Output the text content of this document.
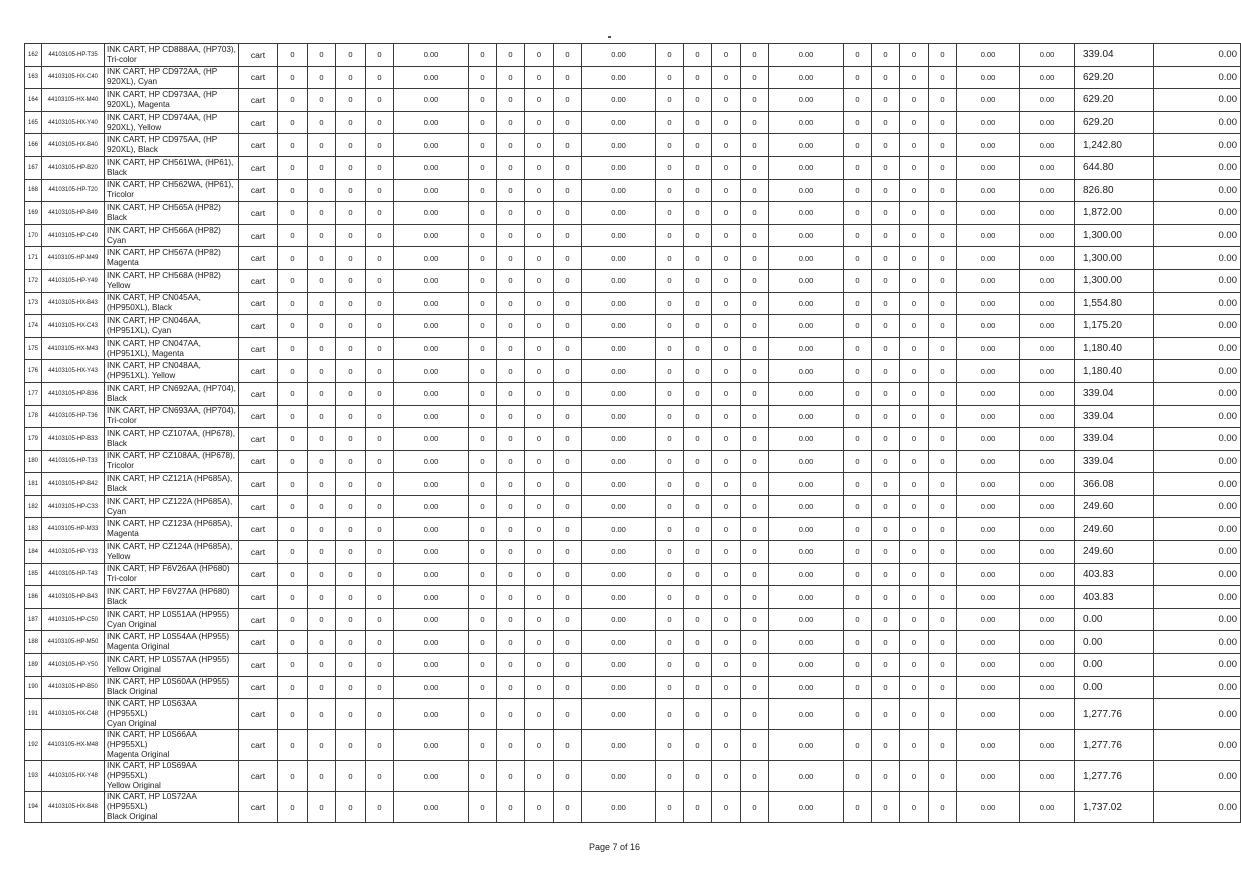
162	44103105-HP-T35	INK CART, HP CD888AA, (HP703),
Tri-color	cart	0	0	0	0	0.00	0	0	0	0	0.00	0	0	0	0	0.00	0	0	0	0	0.00	0.00	339.04	0.00
163	44103105-HX-C40	INK CART, HP CD972AA, (HP
920XL), Cyan	cart	0	0	0	0	0.00	0	0	0	0	0.00	0	0	0	0	0.00	0	0	0	0	0.00	0.00	629.20	0.00
164	44103105-HX-M40	INK CART, HP CD973AA, (HP
920XL), Magenta	cart	0	0	0	0	0.00	0	0	0	0	0.00	0	0	0	0	0.00	0	0	0	0	0.00	0.00	629.20	0.00
165	44103105-HX-Y40	INK CART, HP CD974AA, (HP
920XL), Yellow	cart	0	0	0	0	0.00	0	0	0	0	0.00	0	0	0	0	0.00	0	0	0	0	0.00	0.00	629.20	0.00
166	44103105-HX-B40	INK CART, HP CD975AA, (HP
920XL), Black	cart	0	0	0	0	0.00	0	0	0	0	0.00	0	0	0	0	0.00	0	0	0	0	0.00	0.00	1,242.80	0.00
167	44103105-HP-B20	INK CART, HP CH561WA, (HP61),
Black	cart	0	0	0	0	0.00	0	0	0	0	0.00	0	0	0	0	0.00	0	0	0	0	0.00	0.00	644.80	0.00
168	44103105-HP-T20	INK CART, HP CH562WA, (HP61),
Tricolor	cart	0	0	0	0	0.00	0	0	0	0	0.00	0	0	0	0	0.00	0	0	0	0	0.00	0.00	826.80	0.00
169	44103105-HP-B49	INK CART, HP CH565A (HP82)
Black	cart	0	0	0	0	0.00	0	0	0	0	0.00	0	0	0	0	0.00	0	0	0	0	0.00	0.00	1,872.00	0.00
170	44103105-HP-C49	INK CART, HP CH566A (HP82)
Cyan	cart	0	0	0	0	0.00	0	0	0	0	0.00	0	0	0	0	0.00	0	0	0	0	0.00	0.00	1,300.00	0.00
171	44103105-HP-M49	INK CART, HP CH567A (HP82)
Magenta	cart	0	0	0	0	0.00	0	0	0	0	0.00	0	0	0	0	0.00	0	0	0	0	0.00	0.00	1,300.00	0.00
172	44103105-HP-Y49	INK CART, HP CH568A (HP82)
Yellow	cart	0	0	0	0	0.00	0	0	0	0	0.00	0	0	0	0	0.00	0	0	0	0	0.00	0.00	1,300.00	0.00
173	44103105-HX-B43	INK CART, HP CN045AA,
(HP950XL), Black	cart	0	0	0	0	0.00	0	0	0	0	0.00	0	0	0	0	0.00	0	0	0	0	0.00	0.00	1,554.80	0.00
174	44103105-HX-C43	INK CART, HP CN046AA,
(HP951XL), Cyan	cart	0	0	0	0	0.00	0	0	0	0	0.00	0	0	0	0	0.00	0	0	0	0	0.00	0.00	1,175.20	0.00
175	44103105-HX-M43	INK CART, HP CN047AA,
(HP951XL), Magenta	cart	0	0	0	0	0.00	0	0	0	0	0.00	0	0	0	0	0.00	0	0	0	0	0.00	0.00	1,180.40	0.00
176	44103105-HX-Y43	INK CART, HP CN048AA,
(HP951XL). Yellow	cart	0	0	0	0	0.00	0	0	0	0	0.00	0	0	0	0	0.00	0	0	0	0	0.00	0.00	1,180.40	0.00
177	44103105-HP-B36	INK CART, HP CN692AA, (HP704),
Black	cart	0	0	0	0	0.00	0	0	0	0	0.00	0	0	0	0	0.00	0	0	0	0	0.00	0.00	339.04	0.00
178	44103105-HP-T36	INK CART, HP CN693AA, (HP704),
Tri-color	cart	0	0	0	0	0.00	0	0	0	0	0.00	0	0	0	0	0.00	0	0	0	0	0.00	0.00	339.04	0.00
179	44103105-HP-B33	INK CART, HP CZ107AA, (HP678),
Black	cart	0	0	0	0	0.00	0	0	0	0	0.00	0	0	0	0	0.00	0	0	0	0	0.00	0.00	339.04	0.00
180	44103105-HP-T33	INK CART, HP CZ108AA, (HP678),
Tricolor	cart	0	0	0	0	0.00	0	0	0	0	0.00	0	0	0	0	0.00	0	0	0	0	0.00	0.00	339.04	0.00
181	44103105-HP-B42	INK CART, HP CZ121A (HP685A),
Black	cart	0	0	0	0	0.00	0	0	0	0	0.00	0	0	0	0	0.00	0	0	0	0	0.00	0.00	366.08	0.00
182	44103105-HP-C33	INK CART, HP CZ122A (HP685A),
Cyan	cart	0	0	0	0	0.00	0	0	0	0	0.00	0	0	0	0	0.00	0	0	0	0	0.00	0.00	249.60	0.00
183	44103105-HP-M33	INK CART, HP CZ123A (HP685A),
Magenta	cart	0	0	0	0	0.00	0	0	0	0	0.00	0	0	0	0	0.00	0	0	0	0	0.00	0.00	249.60	0.00
184	44103105-HP-Y33	INK CART, HP CZ124A (HP685A),
Yellow	cart	0	0	0	0	0.00	0	0	0	0	0.00	0	0	0	0	0.00	0	0	0	0	0.00	0.00	249.60	0.00
185	44103105-HP-T43	INK CART, HP F6V26AA (HP680)
Tri-color	cart	0	0	0	0	0.00	0	0	0	0	0.00	0	0	0	0	0.00	0	0	0	0	0.00	0.00	403.83	0.00
186	44103105-HP-B43	INK CART, HP F6V27AA (HP680)
Black	cart	0	0	0	0	0.00	0	0	0	0	0.00	0	0	0	0	0.00	0	0	0	0	0.00	0.00	403.83	0.00
187	44103105-HP-C50	INK CART, HP L0S51AA (HP955)
Cyan Original	cart	0	0	0	0	0.00	0	0	0	0	0.00	0	0	0	0	0.00	0	0	0	0	0.00	0.00	0.00	0.00
188	44103105-HP-M50	INK CART, HP L0S54AA (HP955)
Magenta Original	cart	0	0	0	0	0.00	0	0	0	0	0.00	0	0	0	0	0.00	0	0	0	0	0.00	0.00	0.00	0.00
189	44103105-HP-Y50	INK CART, HP L0S57AA (HP955)
Yellow Original	cart	0	0	0	0	0.00	0	0	0	0	0.00	0	0	0	0	0.00	0	0	0	0	0.00	0.00	0.00	0.00
190	44103105-HP-B50	INK CART, HP L0S60AA (HP955)
Black Original	cart	0	0	0	0	0.00	0	0	0	0	0.00	0	0	0	0	0.00	0	0	0	0	0.00	0.00	0.00	0.00
191	44103105-HX-C48	INK CART, HP L0S63AA (HP955XL)
Cyan Original	cart	0	0	0	0	0.00	0	0	0	0	0.00	0	0	0	0	0.00	0	0	0	0	0.00	0.00	1,277.76	0.00
192	44103105-HX-M48	INK CART, HP L0S66AA (HP955XL)
Magenta Original	cart	0	0	0	0	0.00	0	0	0	0	0.00	0	0	0	0	0.00	0	0	0	0	0.00	0.00	1,277.76	0.00
193	44103105-HX-Y48	INK CART, HP L0S69AA (HP955XL)
Yellow Original	cart	0	0	0	0	0.00	0	0	0	0	0.00	0	0	0	0	0.00	0	0	0	0	0.00	0.00	1,277.76	0.00
194	44103105-HX-B48	INK CART, HP L0S72AA (HP955XL)
Black Original	cart	0	0	0	0	0.00	0	0	0	0	0.00	0	0	0	0	0.00	0	0	0	0	0.00	0.00	1,737.02	0.00
Page 7 of 16
